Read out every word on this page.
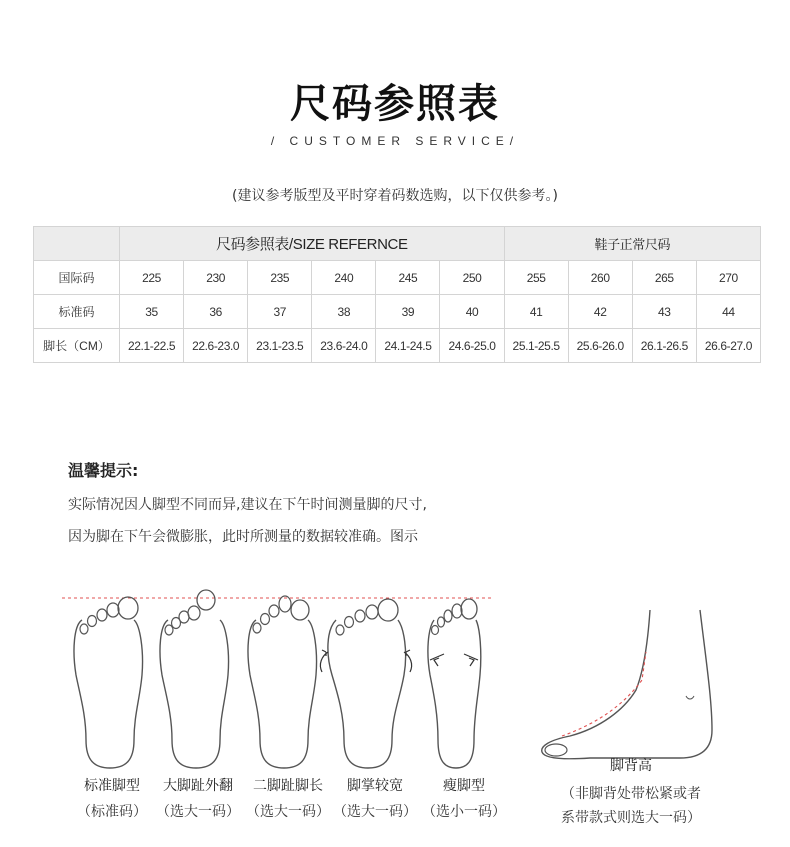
尺码参照表
/ CUSTOMER SERVICE/
(建议参考版型及平时穿着码数选购，以下仅供参考。)
	尺码参照表/SIZE REFERNCE						鞋子正常尺码			
国际码	225	230	235	240	245	250	255	260	265	270
标准码	35	36	37	38	39	40	41	42	43	44
脚长（CM）	22.1-22.5	22.6-23.0	23.1-23.5	23.6-24.0	24.1-24.5	24.6-25.0	25.1-25.5	25.6-26.0	26.1-26.5	26.6-27.0
温馨提示:
实际情况因人脚型不同而异,建议在下午时间测量脚的尺寸,
因为脚在下午会微膨胀，此时所测量的数据较准确。图示
标准脚型
（标准码）
大脚趾外翻
（选大一码）
二脚趾脚长
（选大一码）
脚掌较宽
（选大一码）
瘦脚型
（选小一码）
脚背高
（非脚背处带松紧或者
系带款式则选大一码）
